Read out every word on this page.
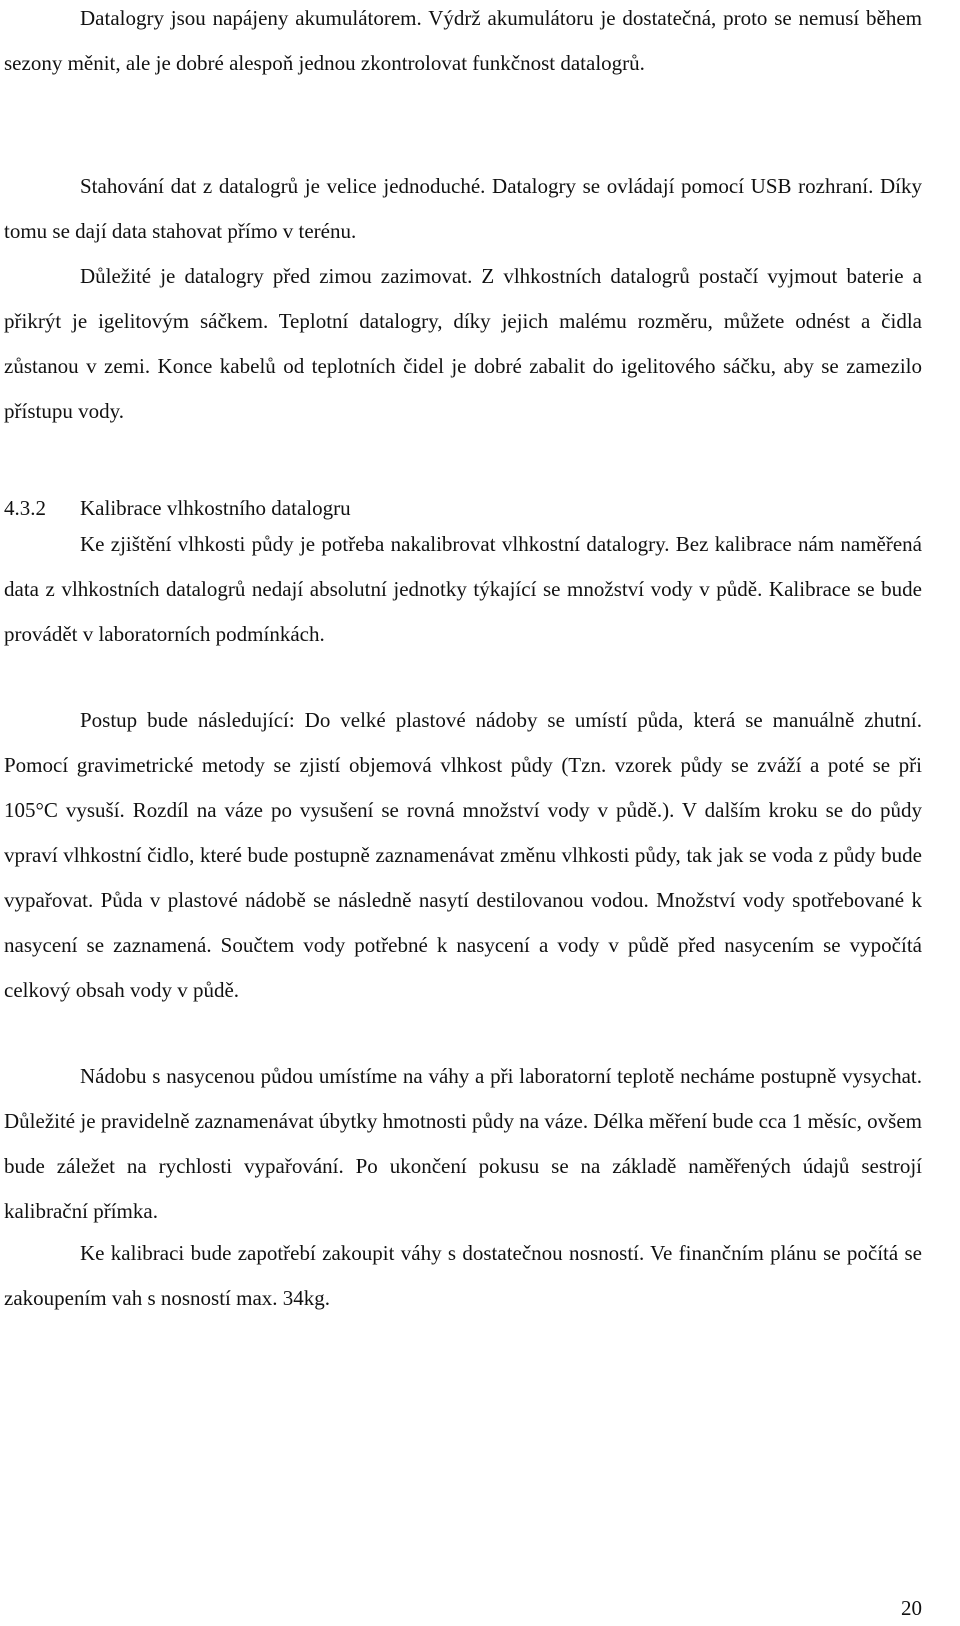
Datalogry jsou napájeny akumulátorem. Výdrž akumulátoru je dostatečná, proto se nemusí během sezony měnit, ale je dobré alespoň jednou zkontrolovat funkčnost datalogrů.

Stahování dat z datalogrů je velice jednoduché. Datalogry se ovládají pomocí USB rozhraní. Díky tomu se dají data stahovat přímo v terénu.

Důležité je datalogry před zimou zazimovat. Z vlhkostních datalogrů postačí vyjmout baterie a přikrýt je igelitovým sáčkem. Teplotní datalogry, díky jejich malému rozměru, můžete odnést a čidla zůstanou v zemi. Konce kabelů od teplotních čidel je dobré zabalit do igelitového sáčku, aby se zamezilo přístupu vody.

4.3.2 Kalibrace vlhkostního datalogru

Ke zjištění vlhkosti půdy je potřeba nakalibrovat vlhkostní datalogry. Bez kalibrace nám naměřená data z vlhkostních datalogrů nedají absolutní jednotky týkající se množství vody v půdě. Kalibrace se bude provádět v laboratorních podmínkách.

Postup bude následující: Do velké plastové nádoby se umístí půda, která se manuálně zhutní. Pomocí gravimetrické metody se zjistí objemová vlhkost půdy (Tzn. vzorek půdy se zváží a poté se při 105°C vysuší. Rozdíl na váze po vysušení se rovná množství vody v půdě.). V dalším kroku se do půdy vpraví vlhkostní čidlo, které bude postupně zaznamenávat změnu vlhkosti půdy, tak jak se voda z půdy bude vypařovat. Půda v plastové nádobě se následně nasytí destilovanou vodou. Množství vody spotřebované k nasycení se zaznamená. Součtem vody potřebné k nasycení a vody v půdě před nasycením se vypočítá celkový obsah vody v půdě.

Nádobu s nasycenou půdou umístíme na váhy a při laboratorní teplotě necháme postupně vysychat. Důležité je pravidelně zaznamenávat úbytky hmotnosti půdy na váze. Délka měření bude cca 1 měsíc, ovšem bude záležet na rychlosti vypařování. Po ukončení pokusu se na základě naměřených údajů sestrojí kalibrační přímka.

Ke kalibraci bude zapotřebí zakoupit váhy s dostatečnou nosností. Ve finančním plánu se počítá se zakoupením vah s nosností max. 34kg.

20
